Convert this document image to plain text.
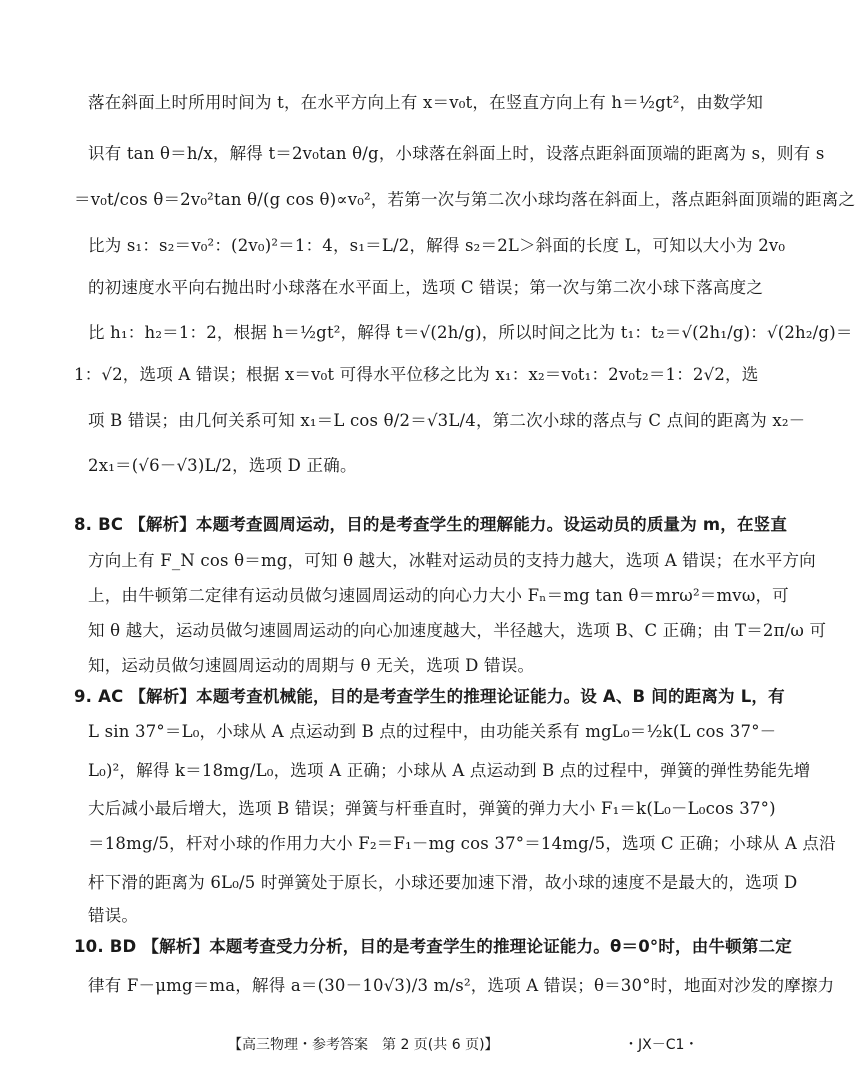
落在斜面上时所用时间为 t，在水平方向上有 x＝v₀t，在竖直方向上有 h＝½gt²，由数学知
识有 tan θ＝h/x，解得 t＝2v₀tan θ/g，小球落在斜面上时，设落点距斜面顶端的距离为 s，则有 s
＝v₀t/cos θ＝2v₀²tan θ/(g cos θ)∝v₀²，若第一次与第二次小球均落在斜面上，落点距斜面顶端的距离之
比为 s₁：s₂＝v₀²：(2v₀)²＝1：4，s₁＝L/2，解得 s₂＝2L＞斜面的长度 L，可知以大小为 2v₀
的初速度水平向右抛出时小球落在水平面上，选项 C 错误；第一次与第二次小球下落高度之
比 h₁：h₂＝1：2，根据 h＝½gt²，解得 t＝√(2h/g)，所以时间之比为 t₁：t₂＝√(2h₁/g)：√(2h₂/g)＝
1：√2，选项 A 错误；根据 x＝v₀t 可得水平位移之比为 x₁：x₂＝v₀t₁：2v₀t₂＝1：2√2，选
项 B 错误；由几何关系可知 x₁＝L cos θ/2＝√3L/4，第二次小球的落点与 C 点间的距离为 x₂－
2x₁＝(√6－√3)L/2，选项 D 正确。
8. BC 【解析】本题考查圆周运动，目的是考查学生的理解能力。设运动员的质量为 m，在竖直
方向上有 F_N cos θ＝mg，可知 θ 越大，冰鞋对运动员的支持力越大，选项 A 错误；在水平方向
上，由牛顿第二定律有运动员做匀速圆周运动的向心力大小 Fₙ＝mg tan θ＝mrω²＝mvω，可
知 θ 越大，运动员做匀速圆周运动的向心加速度越大，半径越大，选项 B、C 正确；由 T＝2π/ω 可
知，运动员做匀速圆周运动的周期与 θ 无关，选项 D 错误。
9. AC 【解析】本题考查机械能，目的是考查学生的推理论证能力。设 A、B 间的距离为 L，有
L sin 37°＝L₀，小球从 A 点运动到 B 点的过程中，由功能关系有 mgL₀＝½k(L cos 37°－
L₀)²，解得 k＝18mg/L₀，选项 A 正确；小球从 A 点运动到 B 点的过程中，弹簧的弹性势能先增
大后减小最后增大，选项 B 错误；弹簧与杆垂直时，弹簧的弹力大小 F₁＝k(L₀－L₀cos 37°)
＝18mg/5，杆对小球的作用力大小 F₂＝F₁－mg cos 37°＝14mg/5，选项 C 正确；小球从 A 点沿
杆下滑的距离为 6L₀/5 时弹簧处于原长，小球还要加速下滑，故小球的速度不是最大的，选项 D
错误。
10. BD 【解析】本题考查受力分析，目的是考查学生的推理论证能力。θ＝0°时，由牛顿第二定
律有 F－μmg＝ma，解得 a＝(30－10√3)/3 m/s²，选项 A 错误；θ＝30°时，地面对沙发的摩擦力
【高三物理・参考答案　第 2 页(共 6 页)】	・JX－C1・
